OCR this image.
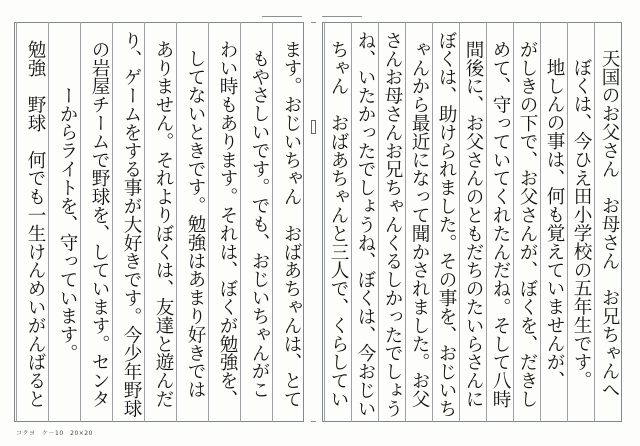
ます。おじいちゃん　おばあちゃんは、とて
もやさしいです。でも、おじいちゃんがこ
わい時もあります。それは、ぼくが勉強を、
してないときです。勉強はあまり好きでは
ありません。それよりぼくは、友達と遊んだ
り、ゲームをする事が大好きです。今少年野球
の岩屋チームで野球を、しています。センタ
ーからライトを、守っています。
勉強　野球　何でも一生けんめいがんばると	天国のお父さん　お母さん　お兄ちゃんへ
ぼくは、今ひえ田小学校の五年生です。
地しんの事は、何も覚えていませんが、
がしきの下で、お父さんが、ぼくを、だきし
めて、守っていてくれたんだね。そして八時
間後に、お父さんのともだちのたいらさんに
ぼくは、助けられました。その事を、おじいち
ゃんから最近になって聞かされました。お父
さんお母さんお兄ちゃんくるしかったでしょう
ね、いたかったでしょうね、ぼくは、今おじい
ちゃん　おばあちゃんと三人で、くらしてい
コクヨ　ケ－10　20×20
